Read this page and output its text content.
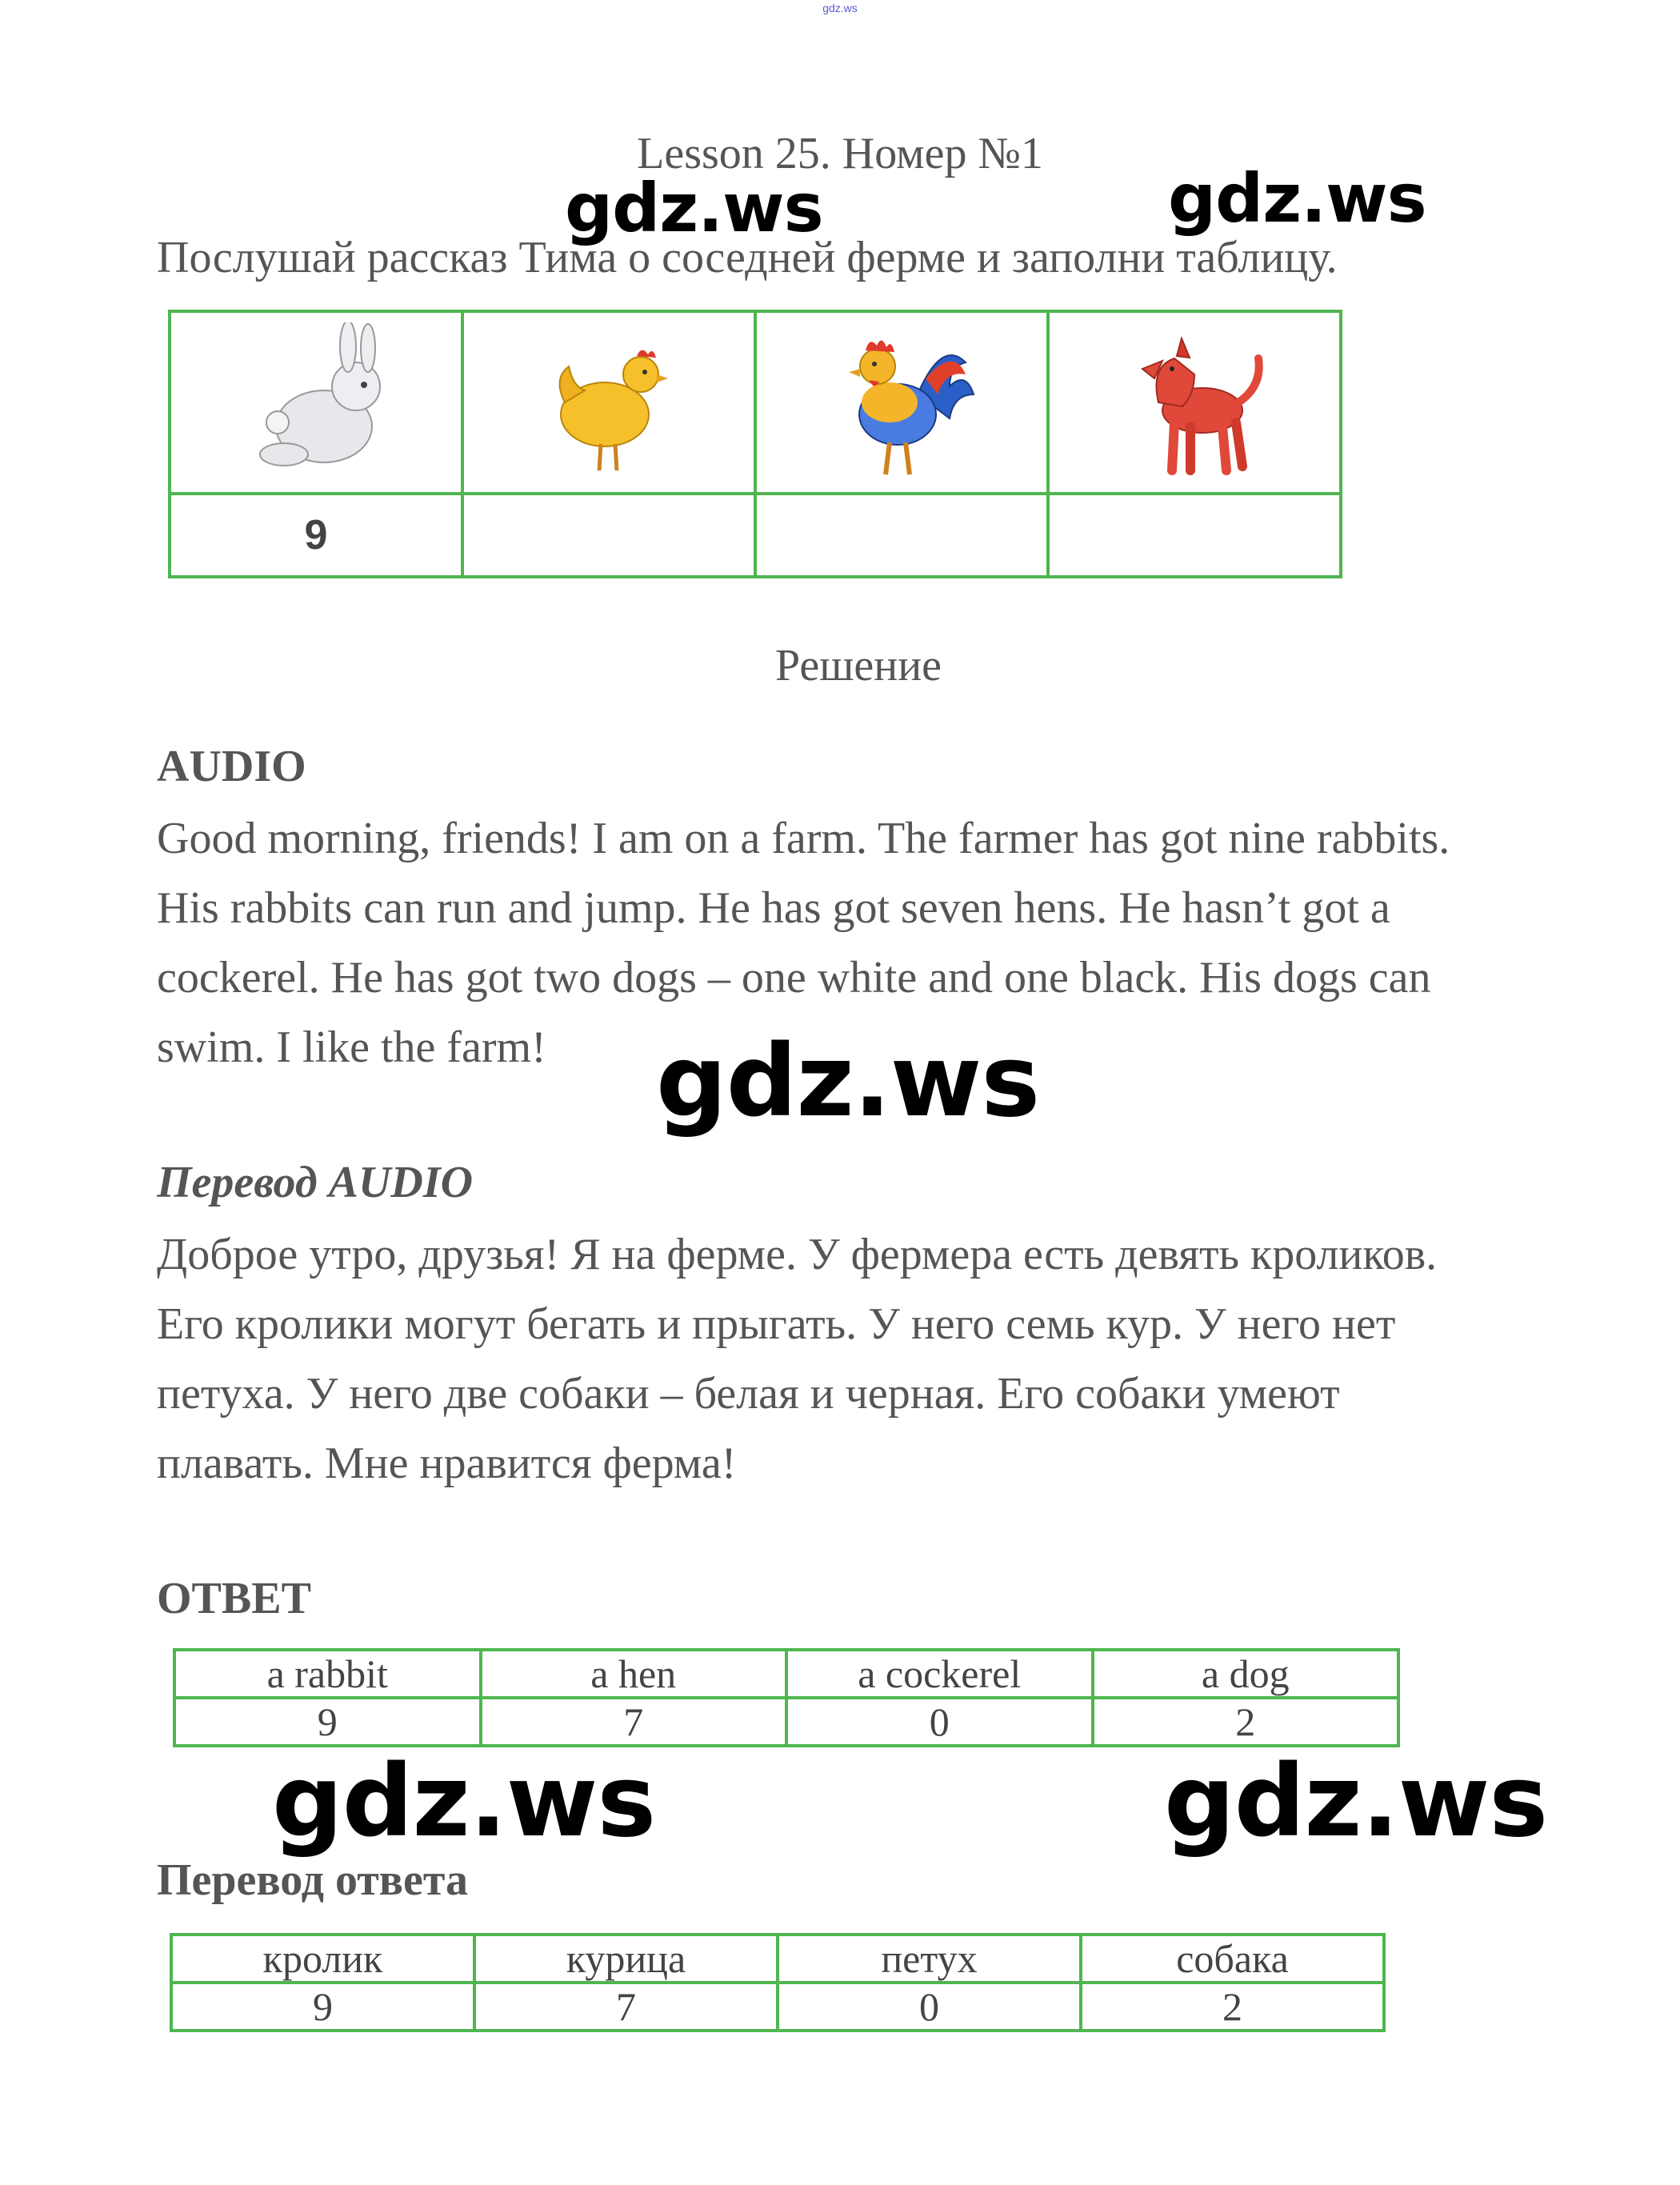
gdz.ws
Lesson 25. Номер №1
Послушай рассказ Тима о соседней ферме и заполни таблицу.

9			
Решение
AUDIO
Good morning, friends! I am on a farm. The farmer has got nine rabbits.
His rabbits can run and jump. He has got seven hens. He hasn’t got a
cockerel. He has got two dogs – one white and one black. His dogs can
swim. I like the farm!
Перевод AUDIO
Доброе утро, друзья! Я на ферме. У фермера есть девять кроликов.
Его кролики могут бегать и прыгать. У него семь кур. У него нет
петуха. У него две собаки – белая и черная. Его собаки умеют
плавать. Мне нравится ферма!
ОТВЕТ
a rabbit	a hen	a cockerel	a dog
9	7	0	2
Перевод ответа
кролик	курица	петух	собака
9	7	0	2
gdz.ws	gdz.ws
gdz.ws
gdz.ws	gdz.ws
